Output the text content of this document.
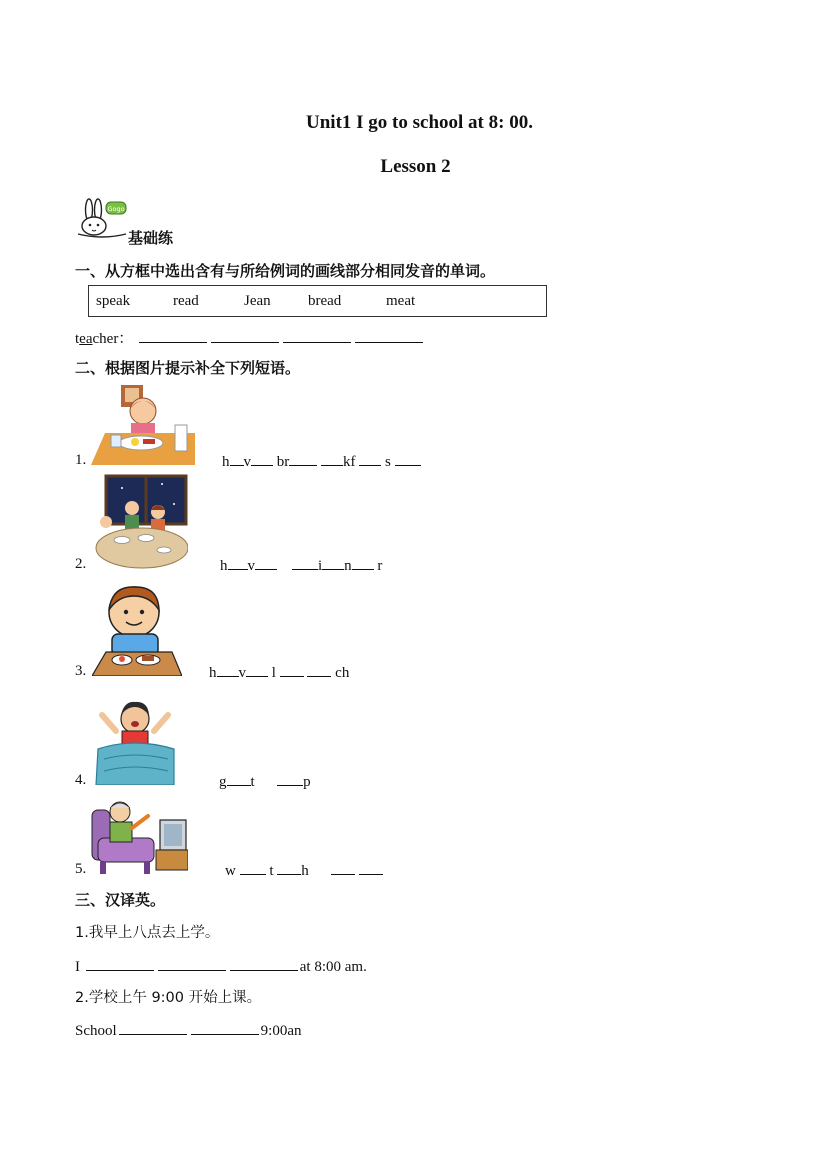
Unit1 I go to school at 8: 00.
Lesson 2
Gogo
基础练
一、从方框中选出含有与所给例词的画线部分相同发音的单词。
speak	read	Jean bread	meat
teacher：
二、根据图片提示补全下列短语。
1.	h v br	kf  s
2.	h v	i n r
3.	h v l	ch
4.	g t	p
5.	w t h
三、汉译英。
1.我早上八点去上学。
I	at 8:00 am.
2.学校上午 9:00 开始上课。
School	9:00an
